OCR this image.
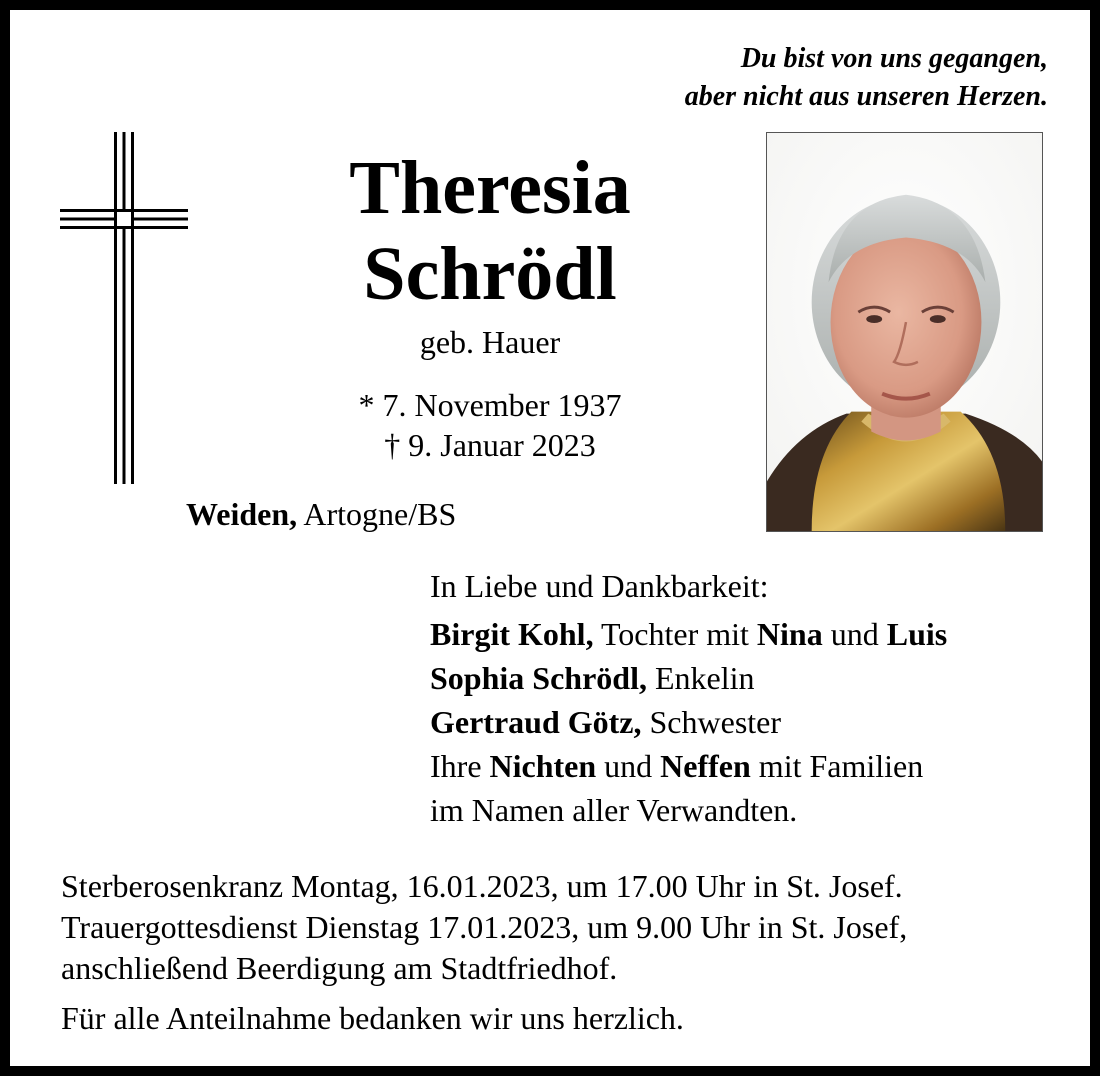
Du bist von uns gegangen,
aber nicht aus unseren Herzen.
Theresia
Schrödl
geb. Hauer
* 7. November 1937
† 9. Januar 2023
Weiden, Artogne/BS
In Liebe und Dankbarkeit:
Birgit Kohl, Tochter mit Nina und Luis
Sophia Schrödl, Enkelin
Gertraud Götz, Schwester
Ihre Nichten und Neffen mit Familien
im Namen aller Verwandten.
Sterberosenkranz Montag, 16.01.2023, um 17.00 Uhr in St. Josef.
Trauergottesdienst Dienstag 17.01.2023, um 9.00 Uhr in St. Josef,
anschließend Beerdigung am Stadtfriedhof.
Für alle Anteilnahme bedanken wir uns herzlich.
